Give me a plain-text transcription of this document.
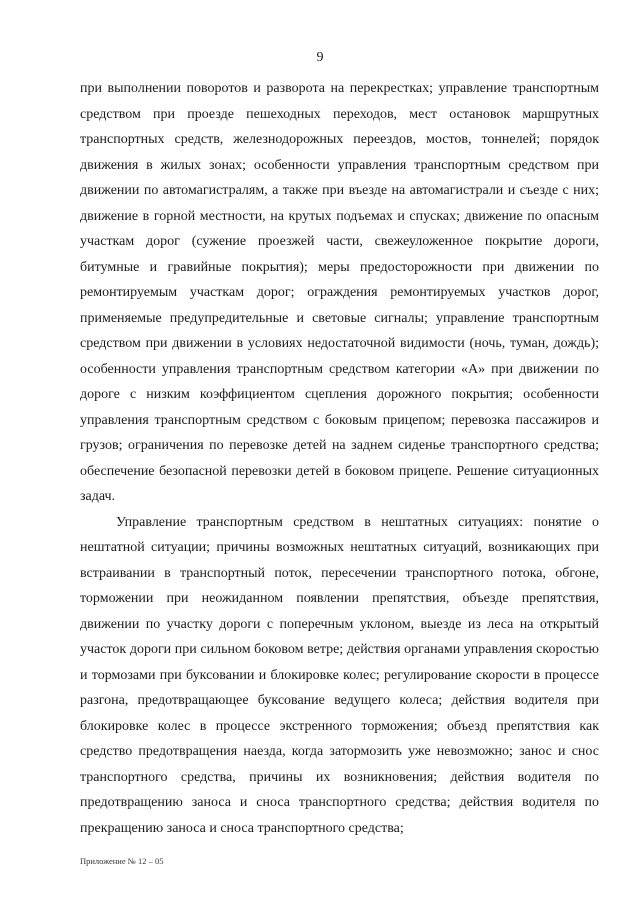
9

при выполнении поворотов и разворота на перекрестках; управление транспортным средством при проезде пешеходных переходов, мест остановок маршрутных транспортных средств, железнодорожных переездов, мостов, тоннелей; порядок движения в жилых зонах; особенности управления транспортным средством при движении по автомагистралям, а также при въезде на автомагистрали и съезде с них; движение в горной местности, на крутых подъемах и спусках; движение по опасным участкам дорог (сужение проезжей части, свежеуложенное покрытие дороги, битумные и гравийные покрытия); меры предосторожности при движении по ремонтируемым участкам дорог; ограждения ремонтируемых участков дорог, применяемые предупредительные и световые сигналы; управление транспортным средством при движении в условиях недостаточной видимости (ночь, туман, дождь); особенности управления транспортным средством категории «А» при движении по дороге с низким коэффициентом сцепления дорожного покрытия; особенности управления транспортным средством с боковым прицепом; перевозка пассажиров и грузов; ограничения по перевозке детей на заднем сиденье транспортного средства; обеспечение безопасной перевозки детей в боковом прицепе. Решение ситуационных задач.

Управление транспортным средством в нештатных ситуациях: понятие о нештатной ситуации; причины возможных нештатных ситуаций, возникающих при встраивании в транспортный поток, пересечении транспортного потока, обгоне, торможении при неожиданном появлении препятствия, объезде препятствия, движении по участку дороги с поперечным уклоном, выезде из леса на открытый участок дороги при сильном боковом ветре; действия органами управления скоростью и тормозами при буксовании и блокировке колес; регулирование скорости в процессе разгона, предотвращающее буксование ведущего колеса; действия водителя при блокировке колес в процессе экстренного торможения; объезд препятствия как средство предотвращения наезда, когда затормозить уже невозможно; занос и снос транспортного средства, причины их возникновения; действия водителя по предотвращению заноса и сноса транспортного средства; действия водителя по прекращению заноса и сноса транспортного средства;

Приложение № 12 – 05
